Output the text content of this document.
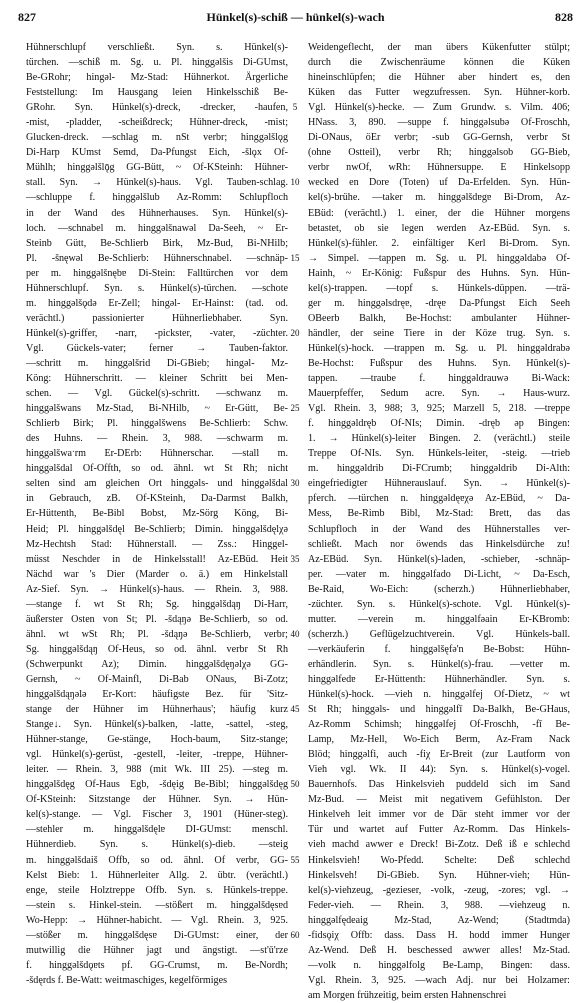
827	Hünkel(s)-schiß — hünkel(s)-wach	828
Hühnerschlupf verschließt. Syn. s. Hünkel(s)-
türchen. —schiß m. Sg. u. Pl. hinggəlšis Di-GUmst,
Be-GRohr; hingəl- Mz-Stad: Hühnerkot. Ärgerliche
Feststellung: Im Hausgang leien Hinkelsschiß Be-
GRohr. Syn. Hünkel(s)-dreck, -drecker, -haufen,
-mist, -pladder, -scheißdreck; Hühner-dreck, -mist;
Glucken-dreck. —schlag m. nSt verbr; hinggəlšlǫg
Di-Harp KUmst Semd, Da-Pfungst Eich, -šlǫx Of-
Mühlh; hinggəlšlǭg GG-Bütt, ~ Of-KSteinh: Hühner-
stall. Syn. → Hünkel(s)-haus. Vgl. Tauben-schlag.
—schluppe f. hinggəlšlub Az-Romm: Schlupfloch
in der Wand des Hühnerhauses. Syn. Hünkel(s)-
loch. —schnabel m. hinggəlšnawəl Da-Seeh, ~ Er-
Steinb Gütt, Be-Schlierb Birk, Mz-Bud, Bi-NHilb;
Pl. -šnęwəl Be-Schlierb: Hühnerschnabel. —schnäp-
per m. hinggəlšnębɐ Di-Stein: Falltürchen vor dem
Hühnerschlupf. Syn. s. Hünkel(s)-türchen. —schote
m. hinggəlšǫdə Er-Zell; hingəl- Er-Hainst: (tad. od.
verächtl.) passionierter Hühnerliebhaber. Syn.
Hünkel(s)-griffer, -narr, -pickster, -vater, -züchter.
Vgl. Gückels-vater; ferner → Tauben-faktor.
—schritt m. hinggəlšrid Di-GBieb; hingəl- Mz-
Köng: Hühnerschritt. — kleiner Schritt bei Men-
schen. — Vgl. Gückel(s)-schritt. —schwanz m.
hinggəlšwans Mz-Stad, Bi-NHilb, ~ Er-Gütt, Be-
Schlierb Birk; Pl. hinggəlšwens Be-Schlierb: Schw.
des Huhns. — Rhein. 3, 988. —schwarm m.
hinggəlšwaˑrm Er-DErb: Hühnerschar. —stall m.
hinggəlšdal Of-Offth, so od. ähnl. wt St Rh; nicht
selten sind am gleichen Ort hinggəls- und hinggəlšdal
in Gebrauch, zB. Of-KSteinh, Da-Darmst Balkh,
Er-Hüttenth, Be-Bibl Bobst, Mz-Sörg Köng, Bi-
Heid; Pl. hinggəlšdęl Be-Schlierb; Dimin. hinggəlšdęlχə
Mz-Hechtsh Stad: Hühnerstall. — Zss.: Hinggel-
müsst Neschder in de Hinkelsstall! Az-EBüd. Heit
Nächd war 's Dier (Marder o. ä.) em Hinkelstall
Az-Sief. Syn. → Hünkel(s)-haus. — Rhein. 3, 988.
—stange f. wt St Rh; Sg. hinggəlšdąŋ Di-Harr,
äußerster Osten von St; Pl. -šdąŋə Be-Schlierb, so od.
ähnl. wt wSt Rh; Pl. -šdąŋə Be-Schlierb, verbr;
Sg. hinggəlšdąŋ Of-Heus, so od. ähnl. verbr St Rh
(Schwerpunkt Az); Dimin. hinggəlšdęŋəlχə GG-
Gernsh, ~ Of-Mainfl, Di-Bab ONaus, Bi-Zotz;
hinggəlšdąŋǝlə Er-Kort: häufigste Bez. für 'Sitz-
stange der Hühner im Hühnerhaus'; häufig kurz
Stange↓. Syn. Hünkel(s)-balken, -latte, -sattel, -steg,
Hühner-stange, Ge-stänge, Hoch-baum, Sitz-stange;
vgl. Hünkel(s)-gerüst, -gestell, -leiter, -treppe, Hühner-
leiter. — Rhein. 3, 988 (mit Wk. III 25). —steg m.
hinggəlšdęg Of-Haus Egb, -šdęig Be-Bibl; hinggəlšdęg
Of-KSteinh: Sitzstange der Hühner. Syn. → Hün-
kel(s)-stange. — Vgl. Fischer 3, 1901 (Hüner-steg).
—stehler m. hinggəlšdęlɐ DI-GUmst: menschl.
Hühnerdieb. Syn. s. Hünkel(s)-dieb. —steig
m. hinggəlšdaiš Offb, so od. ähnl. Of verbr, GG-
Kelst Bieb: 1. Hühnerleiter Allg. 2. übtr. (verächtl.)
enge, steile Holztreppe Offb. Syn. s. Hünkels-treppe.
—stein s. Hinkel-stein. —stößert m. hinggəlšdęsɐd
Wo-Hepp: → Hühner-habicht. — Vgl. Rhein. 3, 925.
—stößer m. hinggəlšdęsɐ Di-GUmst: einer, der
mutwillig die Hühner jagt und ängstigt. —st'ǔ'rze
f. hinggəlšdǫɐts pf. GG-Crumst, m. Be-Nordh;
-šdęrds f. Be-Watt: weitmaschiges, kegelförmiges
5
10
15
20
25
30
35
40
45
50
55
60
Weidengeflecht, der man übers Kükenfutter stülpt;
durch die Zwischenräume können die Küken
hineinschlüpfen; die Hühner aber hindert es, den
Küken das Futter wegzufressen. Syn. Hühner-korb.
Vgl. Hünkel(s)-hecke. — Zum Grundw. s. Vilm. 406;
HNass. 3, 890. —suppe f. hinggəlsubə Of-Froschh,
Di-ONaus, öEr verbr; -sub GG-Gernsh, verbr St
(ohne Ostteil), verbr Rh; hinggəlsob GG-Bieb,
verbr nwOf, wRh: Hühnersuppe. E Hinkelsopp
wecked en Dore (Toten) uf Da-Erfelden. Syn. Hün-
kel(s)-brühe. —taker m. hinggəlšdɐgɐ Bi-Drom, Az-
EBüd: (verächtl.) 1. einer, der die Hühner morgens
betastet, ob sie legen werden Az-EBüd. Syn. s.
Hünkel(s)-fühler. 2. einfältiger Kerl Bi-Drom. Syn.
→ Simpel. —tappen m. Sg. u. Pl. hinggəldabə Of-
Hainh, ~ Er-König: Fußspur des Huhns. Syn. Hün-
kel(s)-trappen. —topf s. Hünkels-düppen. —trä-
ger m. hinggəlsdręɐ, -dręɐ Da-Pfungst Eich Seeh
OBeerb Balkh, Be-Hochst: ambulanter Hühner-
händler, der seine Tiere in der Köze trug. Syn. s.
Hünkel(s)-hock. —trappen m. Sg. u. Pl. hinggəldrabə
Be-Hochst: Fußspur des Huhns. Syn. Hünkel(s)-
tappen. —traube f. hinggəldrauwə Bi-Wack:
Mauerpfeffer, Sedum acre. Syn. → Haus-wurz.
Vgl. Rhein. 3, 988; 3, 925; Marzell 5, 218. —treppe
f. hinggəldręb Of-NIs; Dimin. -dręb ǝp Bingen:
1. → Hünkel(s)-leiter Bingen. 2. (verächtl.) steile
Treppe Of-NIs. Syn. Hünkels-leiter, -steig. —trieb
m. hinggəldrib Di-FCrumb; hinggəldrib Di-Alth:
eingefriedigter Hühnerauslauf. Syn. → Hünkel(s)-
pferch. —türchen n. hinggəldęɐχə Az-EBüd, ~ Da-
Mess, Be-Rimb Bibl, Mz-Stad: Brett, das das
Schlupfloch in der Wand des Hühnerstalles ver-
schließt. Mach nor öwends das Hinkelsdürche zu!
Az-EBüd. Syn. Hünkel(s)-laden, -schieber, -schnäp-
per. —vater m. hinggəlfado Di-Licht, ~ Da-Esch,
Be-Raid, Wo-Eich: (scherzh.) Hühnerliebhaber,
-züchter. Syn. s. Hünkel(s)-schote. Vgl. Hünkel(s)-
mutter. —verein m. hinggəlfǝain Er-KBromb:
(scherzh.) Geflügelzuchtverein. Vgl. Hünkels-ball.
—verkäuferin f. hinggəlšęfǝ'n Be-Bobst: Hühn-
erhändlerin. Syn. s. Hünkel(s)-frau. —vetter m.
hinggəlfedɐ Er-Hüttenth: Hühnerhändler. Syn. s.
Hünkel(s)-hock. —vieh n. hinggəlfej Of-Dietz, ~ wt
St Rh; hinggəls- und hinggəlfī Da-Balkh, Be-GHaus,
Az-Romm Schimsh; hinggəlfej Of-Froschh, -fī Be-
Lamp, Mz-Hell, Wo-Eich Berm, Az-Fram Nack
Blöd; hinggəlfi, auch -fiχ Er-Breit (zur Lautform von
Vieh vgl. Wk. II 44): Syn. s. Hünkel(s)-vogel.
Bauernhofs. Das Hinkelsvieh puddeld sich im Sand
Mz-Bud. — Meist mit negativem Gefühlston. Der
Hinkelveh leit immer vor de Där steht immer vor der
Tür und wartet auf Futter Az-Romm. Das Hinkels-
vieh machd awwer e Dreck! Bi-Zotz. Deß iß e schlechd
Hinkelsvieh! Wo-Pfedd. Schelte: Deß schlechd
Hinkelsveh! Di-GBieb. Syn. Hühner-vieh; Hün-
kel(s)-viehzeug, -gezieser, -volk, -zeug, -zores; vgl. →
Feder-vieh. — Rhein. 3, 988. —viehzeug n.
hinggəlfędeaig Mz-Stad, Az-Wend; (Stadtmda)
-fidsǫiχ Offb: dass. Dass H. hodd immer Hunger
Az-Wend. Deß H. beschessed awwer alles! Mz-Stad.
—volk n. hinggəlfolg Be-Lamp, Bingen: dass.
Vgl. Rhein. 3, 925. —wach Adj. nur bei Holzamer:
am Morgen frühzeitig, beim ersten Hahnenschrei
